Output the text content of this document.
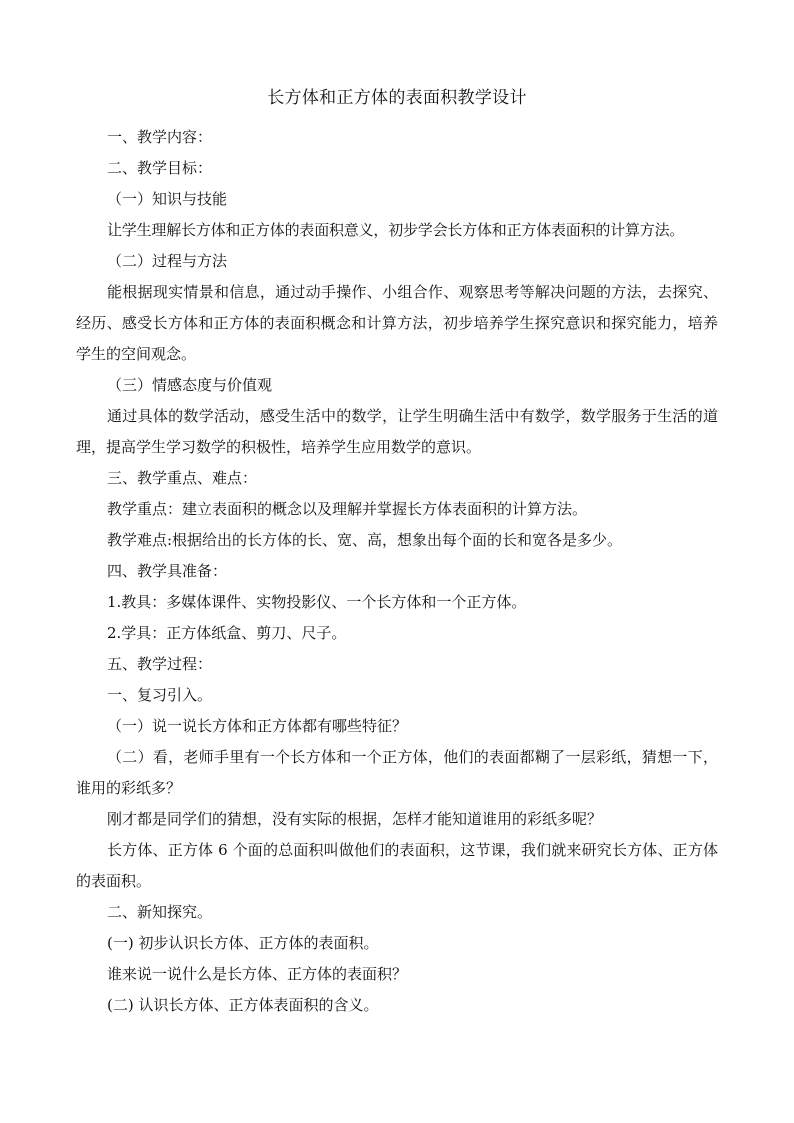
长方体和正方体的表面积教学设计
一、教学内容：
二、教学目标：
（一）知识与技能
让学生理解长方体和正方体的表面积意义，初步学会长方体和正方体表面积的计算方法。
（二）过程与方法
能根据现实情景和信息，通过动手操作、小组合作、观察思考等解决问题的方法，去探究、经历、感受长方体和正方体的表面积概念和计算方法，初步培养学生探究意识和探究能力，培养学生的空间观念。
（三）情感态度与价值观
通过具体的数学活动，感受生活中的数学，让学生明确生活中有数学，数学服务于生活的道理，提高学生学习数学的积极性，培养学生应用数学的意识。
三、教学重点、难点：
教学重点：建立表面积的概念以及理解并掌握长方体表面积的计算方法。
教学难点:根据给出的长方体的长、宽、高，想象出每个面的长和宽各是多少。
四、教学具准备：
1.教具：多媒体课件、实物投影仪、一个长方体和一个正方体。
2.学具：正方体纸盒、剪刀、尺子。
五、教学过程：
一、复习引入。
（一）说一说长方体和正方体都有哪些特征？
（二）看，老师手里有一个长方体和一个正方体，他们的表面都糊了一层彩纸，猜想一下，谁用的彩纸多？
刚才都是同学们的猜想，没有实际的根据，怎样才能知道谁用的彩纸多呢？
长方体、正方体 6 个面的总面积叫做他们的表面积，这节课，我们就来研究长方体、正方体的表面积。
二、新知探究。
(一) 初步认识长方体、正方体的表面积。
谁来说一说什么是长方体、正方体的表面积？
(二) 认识长方体、正方体表面积的含义。
